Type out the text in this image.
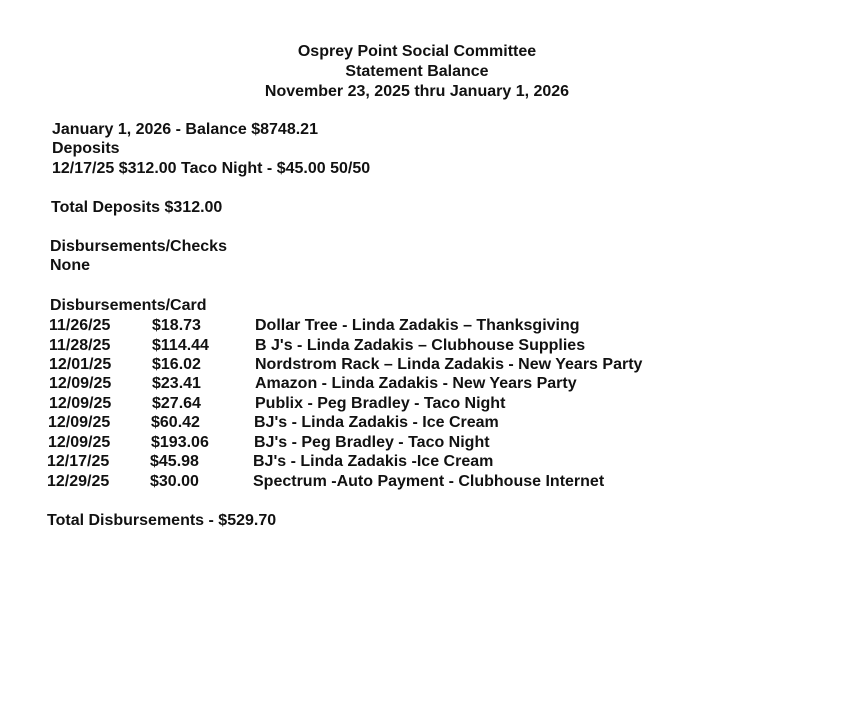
Osprey Point Social Committee
Statement Balance
November 23, 2025 thru January 1, 2026
January 1, 2026 - Balance $8748.21
Deposits
12/17/25 $312.00 Taco Night - $45.00 50/50
Total Deposits $312.00
Disbursements/Checks
None
Disbursements/Card
11/26/25	$18.73	Dollar Tree - Linda Zadakis – Thanksgiving
11/28/25	$114.44	B J's - Linda Zadakis – Clubhouse Supplies
12/01/25	$16.02	Nordstrom Rack – Linda Zadakis - New Years Party
12/09/25	$23.41	Amazon - Linda Zadakis - New Years Party
12/09/25	$27.64	Publix - Peg Bradley - Taco Night
12/09/25	$60.42	BJ's - Linda Zadakis - Ice Cream
12/09/25	$193.06	BJ's - Peg Bradley - Taco Night
12/17/25	$45.98	BJ's - Linda Zadakis -Ice Cream
12/29/25	$30.00	Spectrum -Auto Payment - Clubhouse Internet
Total Disbursements - $529.70
